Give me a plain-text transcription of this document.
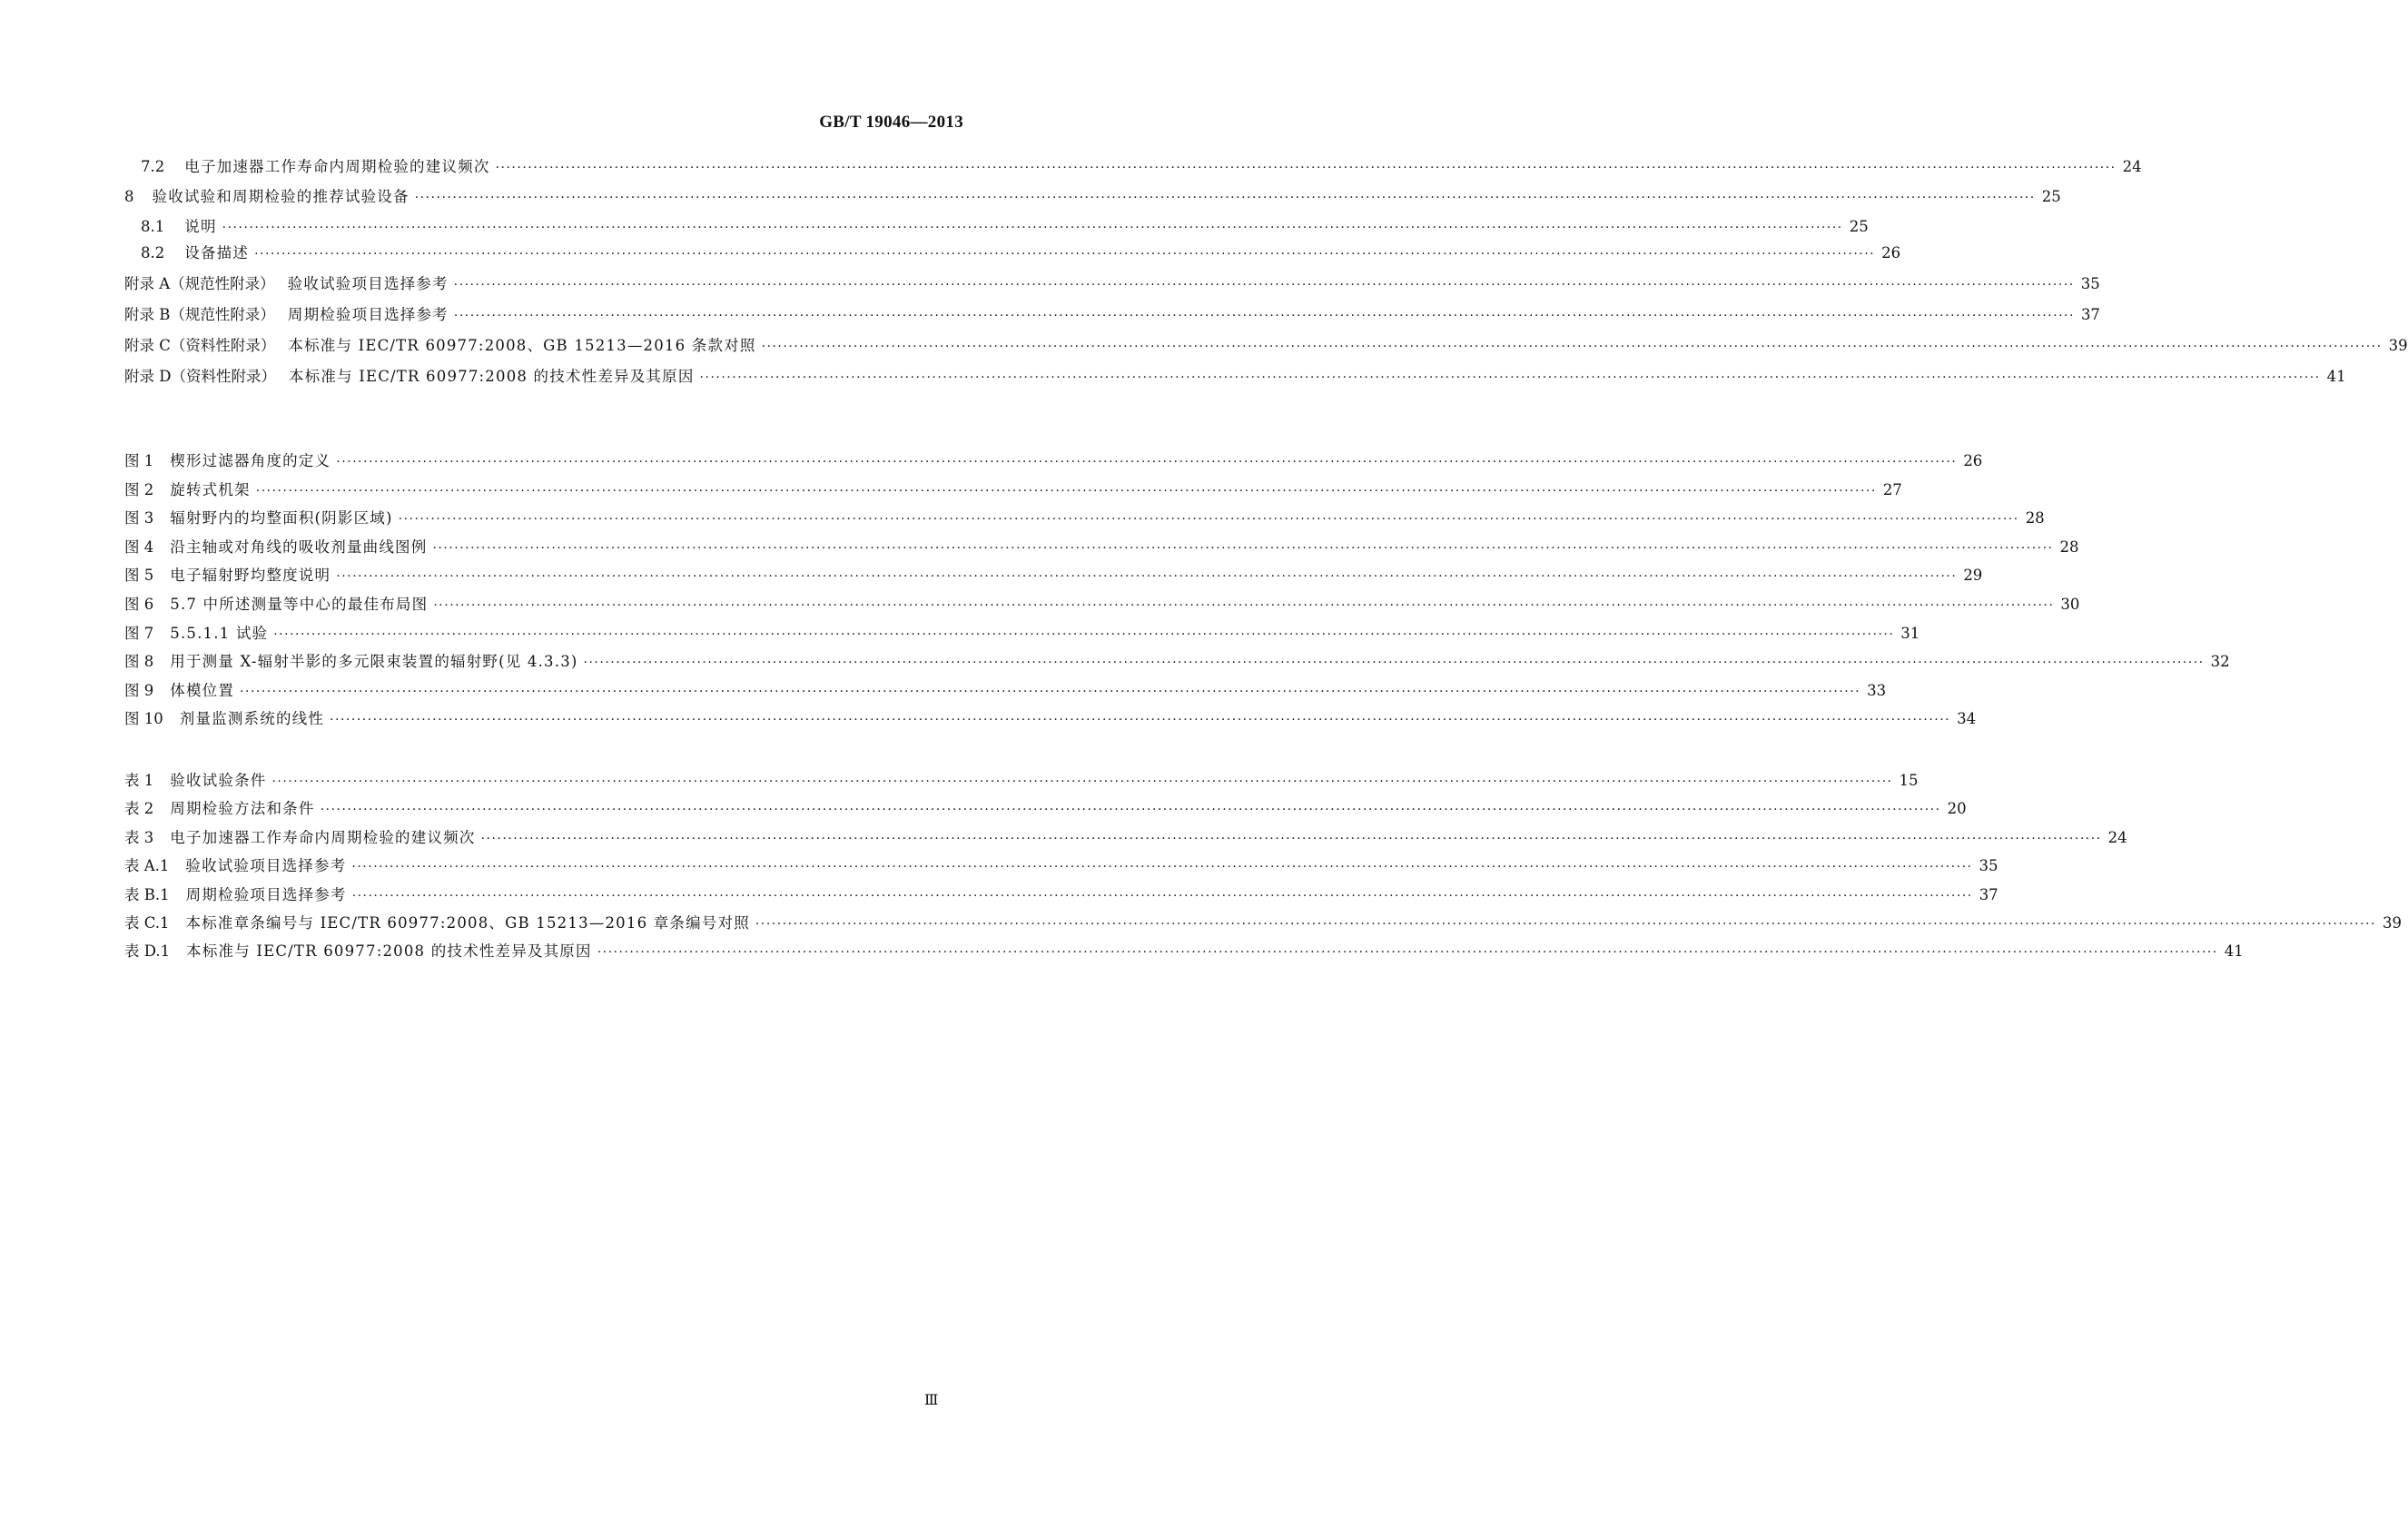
GB/T 19046—2013
7.2 电子加速器工作寿命内周期检验的建议频次 ············································································································································································································································································································ 24
8 验收试验和周期检验的推荐试验设备 ············································································································································································································································································································ 25
8.1 说明 ············································································································································································································································································································ 25
8.2 设备描述 ············································································································································································································································································································ 26
附录 A（规范性附录） 验收试验项目选择参考 ············································································································································································································································································································ 35
附录 B（规范性附录） 周期检验项目选择参考 ············································································································································································································································································································ 37
附录 C（资料性附录） 本标准与 IEC/TR 60977:2008、GB 15213—2016 条款对照 ············································································································································································································································································································ 39
附录 D（资料性附录） 本标准与 IEC/TR 60977:2008 的技术性差异及其原因 ············································································································································································································································································································ 41
图 1 楔形过滤器角度的定义 ············································································································································································································································································································ 26
图 2 旋转式机架 ············································································································································································································································································································ 27
图 3 辐射野内的均整面积(阴影区域) ············································································································································································································································································································ 28
图 4 沿主轴或对角线的吸收剂量曲线图例 ············································································································································································································································································································ 28
图 5 电子辐射野均整度说明 ············································································································································································································································································································ 29
图 6 5.7 中所述测量等中心的最佳布局图 ············································································································································································································································································································ 30
图 7 5.5.1.1 试验 ············································································································································································································································································································ 31
图 8 用于测量 X-辐射半影的多元限束装置的辐射野(见 4.3.3) ············································································································································································································································································································ 32
图 9 体模位置 ············································································································································································································································································································ 33
图 10 剂量监测系统的线性 ············································································································································································································································································································ 34
表 1 验收试验条件 ············································································································································································································································································································ 15
表 2 周期检验方法和条件 ············································································································································································································································································································ 20
表 3 电子加速器工作寿命内周期检验的建议频次 ············································································································································································································································································································ 24
表 A.1 验收试验项目选择参考 ············································································································································································································································································································ 35
表 B.1 周期检验项目选择参考 ············································································································································································································································································································ 37
表 C.1 本标准章条编号与 IEC/TR 60977:2008、GB 15213—2016 章条编号对照 ············································································································································································································································································································ 39
表 D.1 本标准与 IEC/TR 60977:2008 的技术性差异及其原因 ············································································································································································································································································································ 41
Ⅲ
